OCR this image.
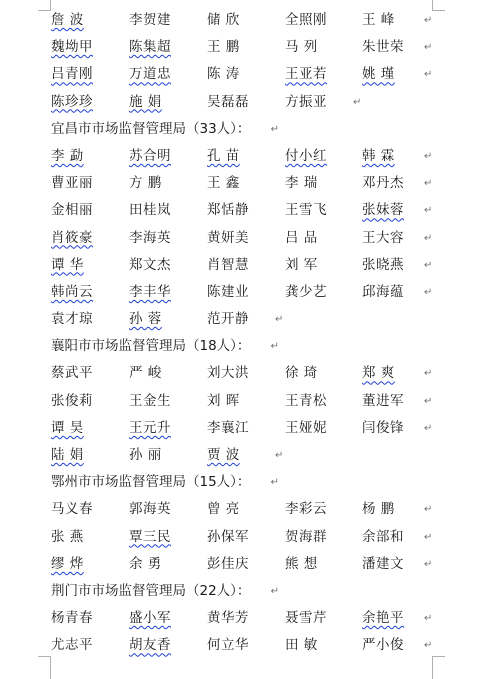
詹 波	李贺建	储 欣	全照刚	王 峰	↵
魏坳甲	陈集超	王 鹏	马 列	朱世荣 ↵
吕青刚	万道忠	陈 涛	王亚若	姚 瑾	↵
陈珍珍	施 娟	吴磊磊	方振亚	↵
宜昌市市场监督管理局（33人）： ↵
李 勐	苏合明	孔 苗	付小红	韩 霖	↵
曹亚丽	方 鹏	王 鑫	李 瑞	邓丹杰 ↵
金相丽	田桂岚	郑恬静	王雪飞	张妹蓉 ↵
肖筱豪	李海英	黄妍美	吕 品	王大容 ↵
谭 华	郑文杰	肖智慧	刘 军	张晓燕 ↵
韩尚云	李丰华	陈建业	龚少艺	邱海蕴 ↵
袁才琼	孙 蓉	范开静	↵
襄阳市市场监督管理局（18人）： ↵
蔡武平	严 峻	刘大洪	徐 琦	郑 爽	↵
张俊莉	王金生	刘 晖	王青松	董进军 ↵
谭 昊	王元升	李襄江	王娅妮	闫俊锋 ↵
陆 娟	孙 丽	贾 波	↵
鄂州市市场监督管理局（15人）： ↵
马义春	郭海英	曾 亮	李彩云	杨 鹏	↵
张 燕	覃三民	孙保军	贺海群	余部和 ↵
缪 烨	余 勇	彭佳庆	熊 想	潘建文 ↵
荆门市市场监督管理局（22人）： ↵
杨青春	盛小军	黄华芳	聂雪芹	余艳平 ↵
尤志平	胡友香	何立华	田 敏	严小俊 ↵
